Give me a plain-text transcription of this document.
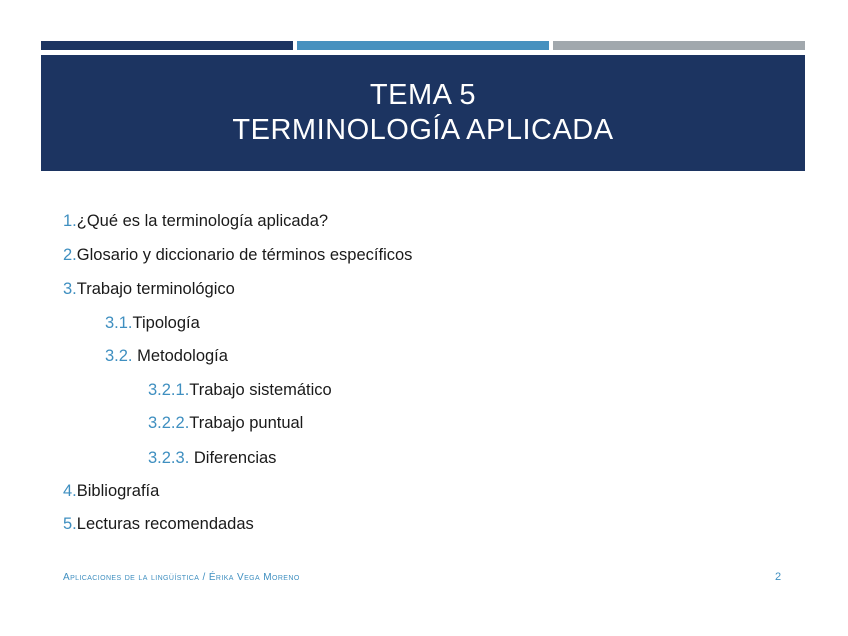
TEMA 5
TERMINOLOGÍA APLICADA
1.¿Qué es la terminología aplicada?
2.Glosario y diccionario de términos específicos
3.Trabajo terminológico
3.1.Tipología
3.2. Metodología
3.2.1.Trabajo sistemático
3.2.2.Trabajo puntual
3.2.3. Diferencias
4.Bibliografía
5.Lecturas recomendadas
Aplicaciones de la lingüística / Érika Vega Moreno	2
